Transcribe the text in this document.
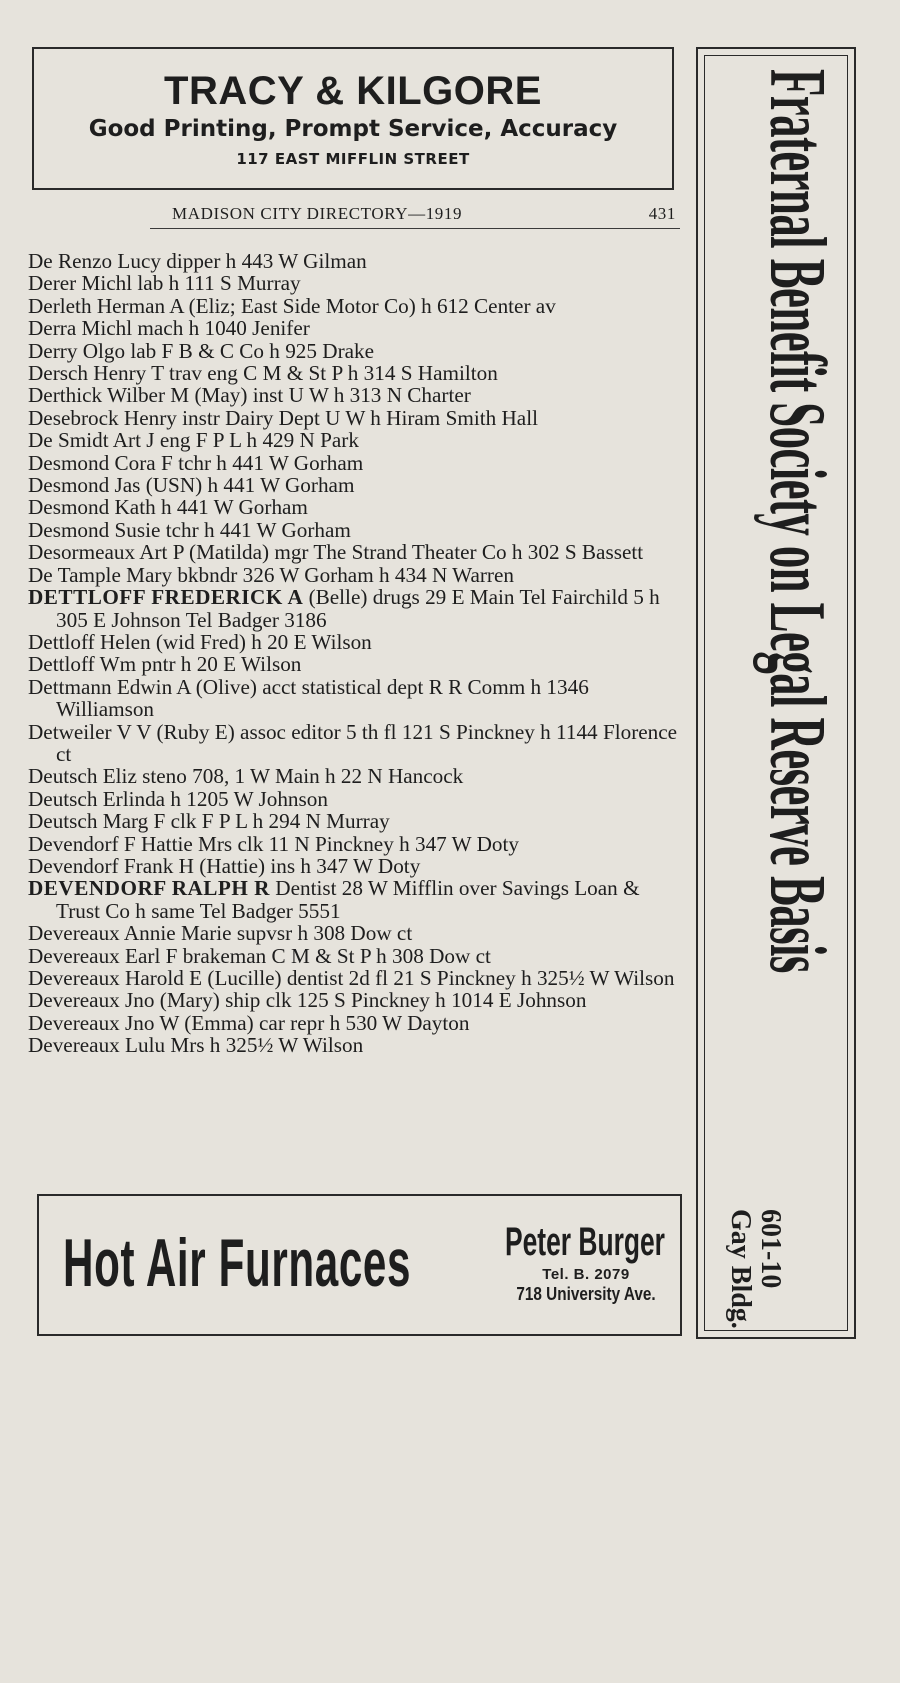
TRACY & KILGORE
Good Printing, Prompt Service, Accuracy
117 EAST MIFFLIN STREET
MADISON CITY DIRECTORY—1919	431
De Renzo Lucy dipper h 443 W Gilman
Derer Michl lab h 111 S Murray
Derleth Herman A (Eliz; East Side Motor Co) h 612 Center av
Derra Michl mach h 1040 Jenifer
Derry Olgo lab F B & C Co h 925 Drake
Dersch Henry T trav eng C M & St P h 314 S Hamilton
Derthick Wilber M (May) inst U W h 313 N Charter
Desebrock Henry instr Dairy Dept U W h Hiram Smith Hall
De Smidt Art J eng F P L h 429 N Park
Desmond Cora F tchr h 441 W Gorham
Desmond Jas (USN) h 441 W Gorham
Desmond Kath h 441 W Gorham
Desmond Susie tchr h 441 W Gorham
Desormeaux Art P (Matilda) mgr The Strand Theater Co h 302 S Bassett
De Tample Mary bkbndr 326 W Gorham h 434 N Warren
DETTLOFF FREDERICK A (Belle) drugs 29 E Main Tel Fairchild 5 h 305 E Johnson Tel Badger 3186
Dettloff Helen (wid Fred) h 20 E Wilson
Dettloff Wm pntr h 20 E Wilson
Dettmann Edwin A (Olive) acct statistical dept R R Comm h 1346 Williamson
Detweiler V V (Ruby E) assoc editor 5 th fl 121 S Pinckney h 1144 Florence ct
Deutsch Eliz steno 708, 1 W Main h 22 N Hancock
Deutsch Erlinda h 1205 W Johnson
Deutsch Marg F clk F P L h 294 N Murray
Devendorf F Hattie Mrs clk 11 N Pinckney h 347 W Doty
Devendorf Frank H (Hattie) ins h 347 W Doty
DEVENDORF RALPH R Dentist 28 W Mifflin over Savings Loan & Trust Co h same Tel Badger 5551
Devereaux Annie Marie supvsr h 308 Dow ct
Devereaux Earl F brakeman C M & St P h 308 Dow ct
Devereaux Harold E (Lucille) dentist 2d fl 21 S Pinckney h 325½ W Wilson
Devereaux Jno (Mary) ship clk 125 S Pinckney h 1014 E Johnson
Devereaux Jno W (Emma) car repr h 530 W Dayton
Devereaux Lulu Mrs h 325½ W Wilson
Hot Air Furnaces Peter Burger
Tel. B. 2079
718 University Ave.
Fraternal Benefit Society on Legal Reserve Basis
601-10
Gay Bldg.
